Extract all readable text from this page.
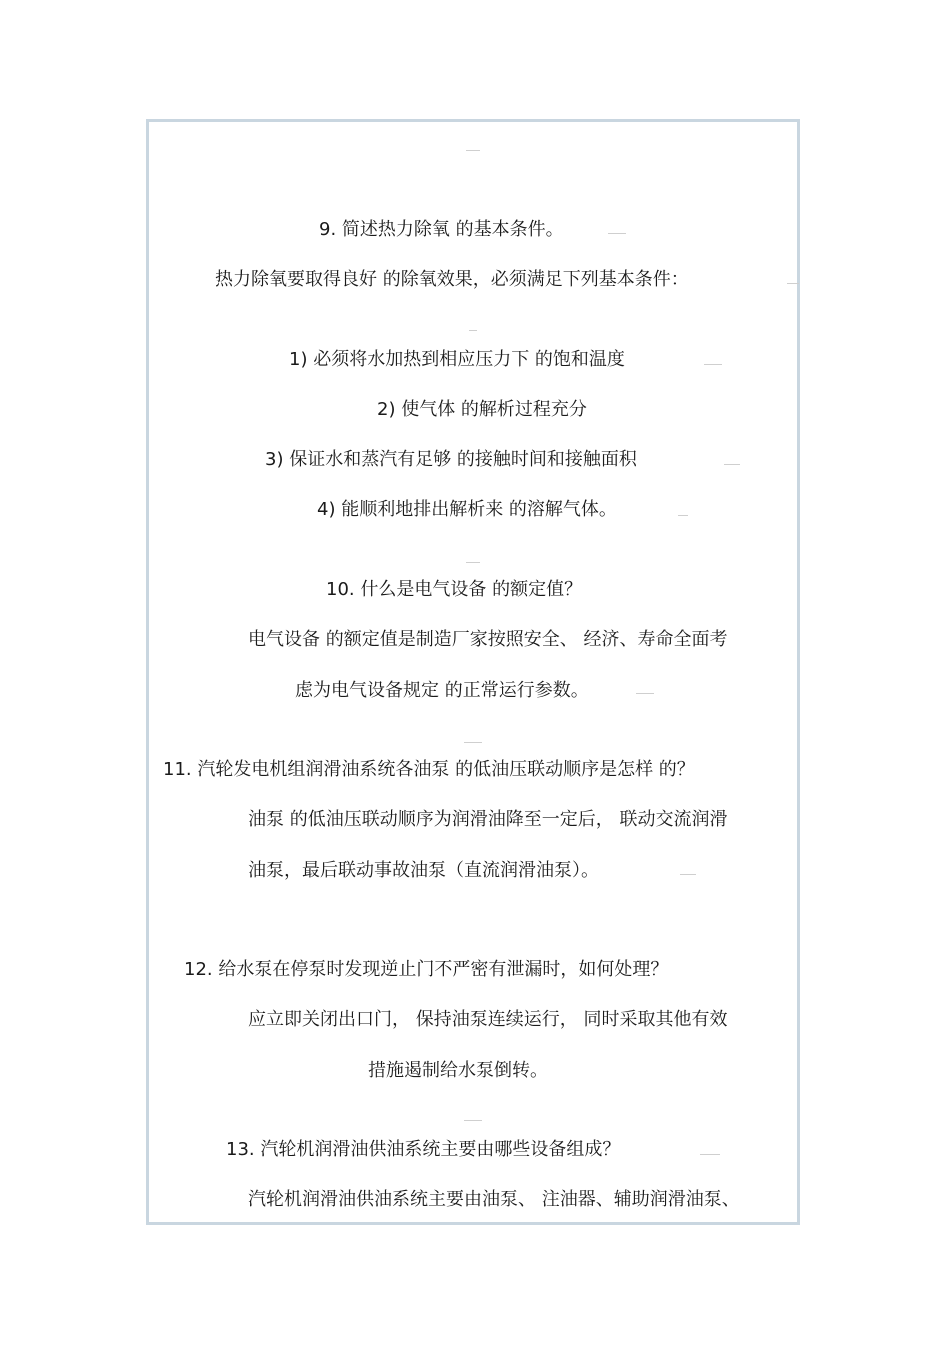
9. 简述热力除氧 的基本条件。
热力除氧要取得良好 的除氧效果，必须满足下列基本条件：
1) 必须将水加热到相应压力下 的饱和温度
2) 使气体 的解析过程充分
3) 保证水和蒸汽有足够 的接触时间和接触面积
4) 能顺利地排出解析来 的溶解气体。
10. 什么是电气设备 的额定值？
电气设备 的额定值是制造厂家按照安全、 经济、寿命全面考
虑为电气设备规定 的正常运行参数。
11. 汽轮发电机组润滑油系统各油泵 的低油压联动顺序是怎样 的？
油泵 的低油压联动顺序为润滑油降至一定后， 联动交流润滑
油泵，最后联动事故油泵（直流润滑油泵）。
12. 给水泵在停泵时发现逆止门不严密有泄漏时，如何处理？
应立即关闭出口门， 保持油泵连续运行， 同时采取其他有效
措施遏制给水泵倒转。
13. 汽轮机润滑油供油系统主要由哪些设备组成？
汽轮机润滑油供油系统主要由油泵、 注油器、辅助润滑油泵、
